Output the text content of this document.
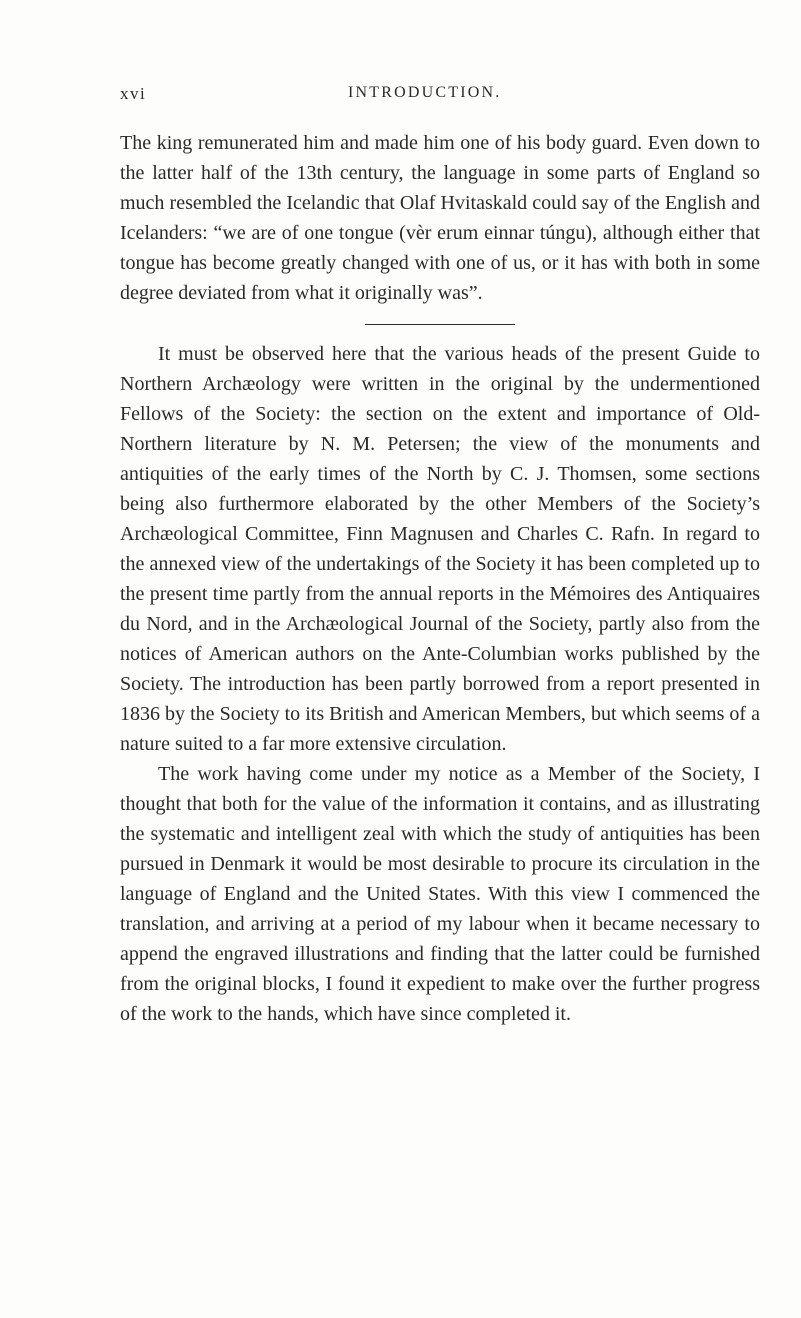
xvi	INTRODUCTION.

The king remunerated him and made him one of his body guard. Even down to the latter half of the 13th century, the language in some parts of England so much resembled the Icelandic that Olaf Hvitaskald could say of the English and Icelanders: “we are of one tongue (vèr erum einnar túngu), although either that tongue has become greatly changed with one of us, or it has with both in some degree deviated from what it originally was”.

It must be observed here that the various heads of the present Guide to Northern Archæology were written in the original by the undermentioned Fellows of the Society: the section on the extent and importance of Old-Northern literature by N. M. Petersen; the view of the monuments and antiquities of the early times of the North by C. J. Thomsen, some sections being also furthermore elaborated by the other Members of the Society’s Archæological Committee, Finn Magnusen and Charles C. Rafn. In regard to the annexed view of the undertakings of the Society it has been completed up to the present time partly from the annual reports in the Mémoires des Antiquaires du Nord, and in the Archæological Journal of the Society, partly also from the notices of American authors on the Ante-Columbian works published by the Society. The introduction has been partly borrowed from a report presented in 1836 by the Society to its British and American Members, but which seems of a nature suited to a far more extensive circulation.

The work having come under my notice as a Member of the Society, I thought that both for the value of the information it contains, and as illustrating the systematic and intelligent zeal with which the study of antiquities has been pursued in Denmark it would be most desirable to procure its circulation in the language of England and the United States. With this view I commenced the translation, and arriving at a period of my labour when it became necessary to append the engraved illustrations and finding that the latter could be furnished from the original blocks, I found it expedient to make over the further progress of the work to the hands, which have since completed it.
